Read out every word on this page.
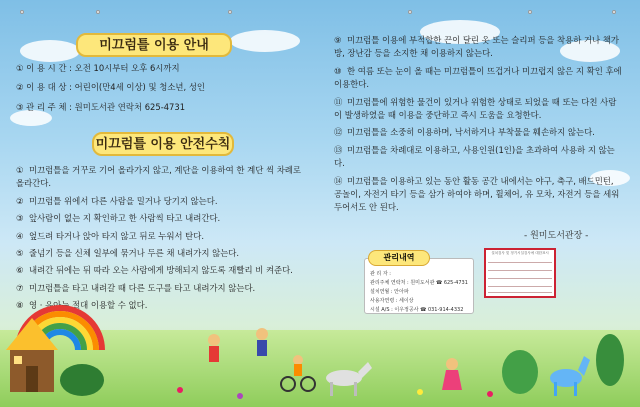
미끄럼틀 이용 안내
① 이 용 시 간 : 오전 10시부터 오후 6시까지
② 이 용 대 상 : 어린이(만4세 이상) 및 청소년, 성인
③ 관 리 주 체 : 원미도서관 연락처 625-4731
미끄럼틀 이용 안전수칙
① 미끄럼틀을 거꾸로 기어 올라가지 않고, 계단을 이용하여 한 계단 씩 차례로 올라간다.
② 미끄럼틀 위에서 다른 사람을 밀거나 당기지 않는다.
③ 앞사람이 없는 지 확인하고 한 사람씩 타고 내려간다.
④ 엎드려 타거나 앉아 타지 않고 뒤로 누워서 탄다.
⑤ 줄넘기 등을 신체 일부에 묶거나 두른 채 내려가지 않는다.
⑥ 내려간 뒤에는 뒤 따라 오는 사람에게 방해되지 않도록 재빨리 비 켜준다.
⑦ 미끄럼틀을 타고 내려갈 때 다른 도구를 타고 내려가지 않는다.
⑧ 영 · 유아는 절대 이용할 수 없다.
⑨ 미끄럼틀 이용에 부적합한 끈이 달린 옷 또는 슬리퍼 등을 착용하 거나 책가방, 장난감 등을 소지한 채 이용하지 않는다.
⑩ 한 여름 또는 눈이 올 때는 미끄럼틀이 뜨겁거나 미끄럽지 않은 지 확인 후에 이용한다.
⑪ 미끄럼틀에 위험한 물건이 있거나 위험한 상태로 되었을 때 또는 다친 사람이 발생하였을 때 이용을 중단하고 즉시 도움을 요청한다.
⑫ 미끄럼틀을 소중히 이용하며, 낙서하거나 부착물을 훼손하지 않는다.
⑬ 미끄럼틀을 차례대로 이용하고, 사용인원(1인)을 초과하여 사용하 지 않는다.
⑭ 미끄럼틀을 이용하고 있는 동안 활동 공간 내에서는 야구, 축구, 배드민턴, 공놀이, 자전거 타기 등을 삼가 하여야 하며, 휠체어, 유 모차, 자전거 등을 세워 두어서도 안 된다.
- 원미도서관장 -
관리내역
관 리 자 :
관리주체 연락처 : 원미도서관 ☎ 625-4731
설치연월 : 안아파
사용자연령 : 세이상
시설 A/S : 이우정공사 ☎ 031-914-4332
설치검사 및 정기시설검사에 대한표시
